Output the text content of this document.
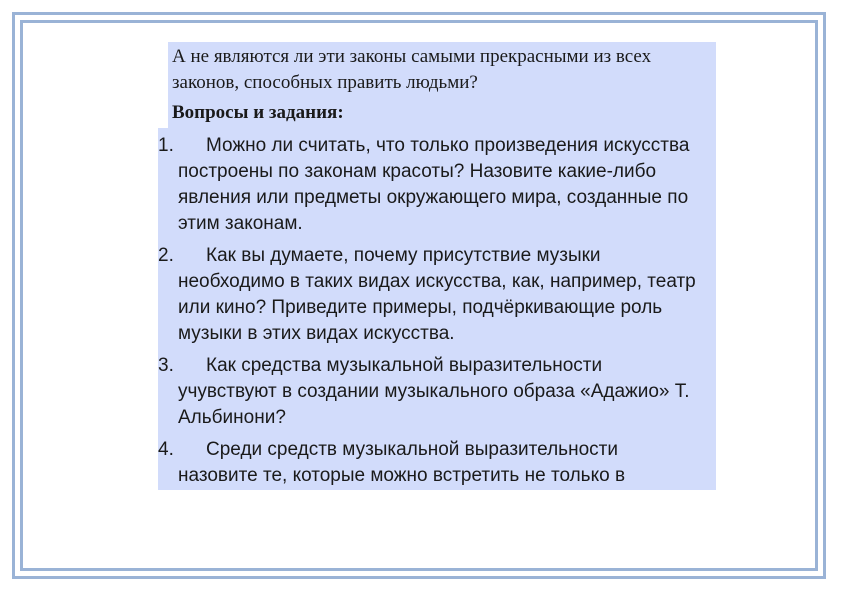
А не являются ли эти законы самыми прекрасными из всех законов, способных править людьми?

Вопросы и задания:

1.	Можно ли считать, что только произведения искусства построены по законам красоты? Назовите какие-либо явления или предметы окружающего мира, созданные по этим законам.
2.	Как вы думаете, почему присутствие музыки необходимо в таких видах искусства, как, например, театр или кино? Приведите примеры, подчёркивающие роль музыки в этих видах искусства.
3.	Как средства музыкальной выразительности учувствуют в создании музыкального образа «Адажио» Т. Альбинони?
4.	Среди средств музыкальной выразительности назовите те, которые можно встретить не только в
